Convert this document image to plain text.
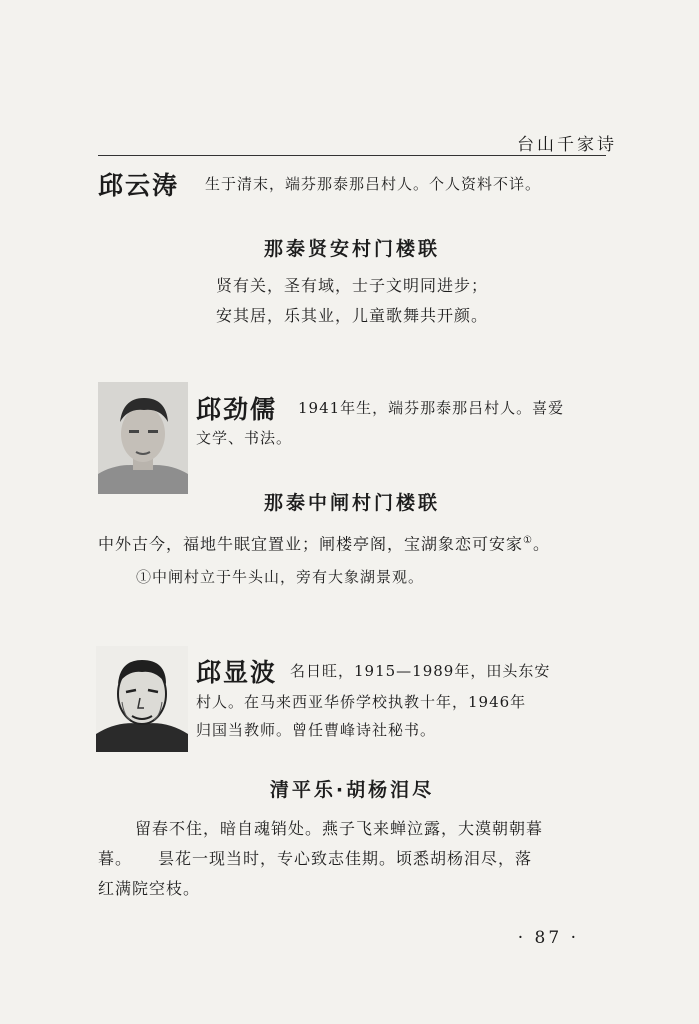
台山千家诗
邱云涛 生于清末，端芬那泰那吕村人。个人资料不详。
那泰贤安村门楼联
贤有关，圣有域，士子文明同进步；
安其居，乐其业，儿童歌舞共开颜。
邱劲儒 1941年生，端芬那泰那吕村人。喜爱
文学、书法。
那泰中闸村门楼联
中外古今，福地牛眠宜置业；闸楼亭阁，宝湖象恋可安家①。
①中闸村立于牛头山，旁有大象湖景观。
邱显波 名日旺，1915—1989年，田头东安
村人。在马来西亚华侨学校执教十年，1946年
归国当教师。曾任曹峰诗社秘书。
清平乐·胡杨泪尽
留春不住，暗自魂销处。燕子飞来蝉泣露，大漠朝朝暮
暮。　　昙花一现当时，专心致志佳期。顷悉胡杨泪尽，落
红满院空枝。
· 87 ·
